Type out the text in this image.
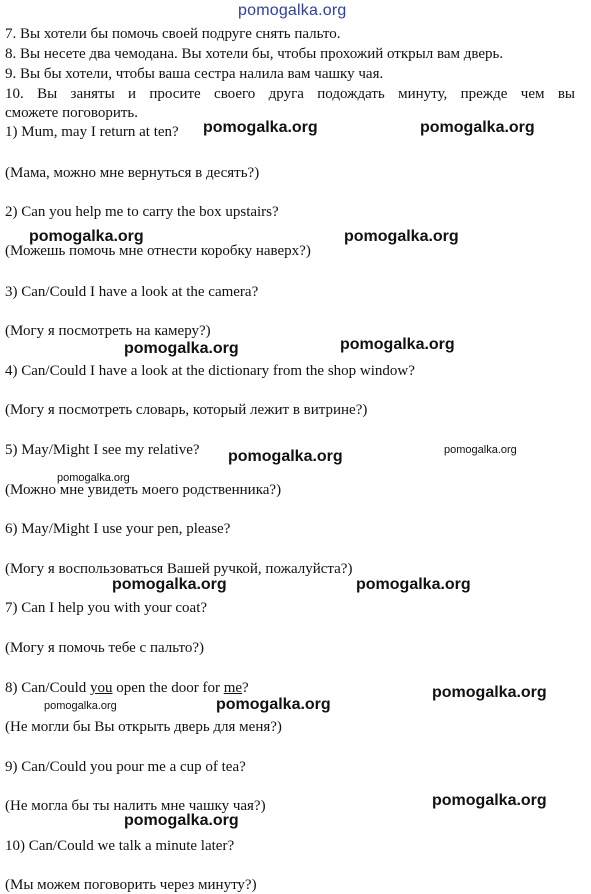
pomogalka.org
7. Вы хотели бы помочь своей подруге снять пальто.
8. Вы несете два чемодана. Вы хотели бы, чтобы прохожий открыл вам дверь.
9. Вы бы хотели, чтобы ваша сестра налила вам чашку чая.
10. Вы заняты и просите своего друга подождать минуту, прежде чем вы
сможете поговорить.
1) Mum, may I return at ten?
(Мама, можно мне вернуться в десять?)
2) Can you help me to carry the box upstairs?
(Можешь помочь мне отнести коробку наверх?)
3) Can/Could I have a look at the camera?
(Могу я посмотреть на камеру?)
4) Can/Could I have a look at the dictionary from the shop window?
(Могу я посмотреть словарь, который лежит в витрине?)
5) May/Might I see my relative?
(Можно мне увидеть моего родственника?)
6) May/Might I use your pen, please?
(Могу я воспользоваться Вашей ручкой, пожалуйста?)
7) Can I help you with your coat?
(Могу я помочь тебе с пальто?)
8) Can/Could you open the door for me?
(Не могли бы Вы открыть дверь для меня?)
9) Can/Could you pour me a cup of tea?
(Не могла бы ты налить мне чашку чая?)
10) Can/Could we talk a minute later?
(Мы можем поговорить через минуту?)
pomogalka.org	pomogalka.org
pomogalka.org	pomogalka.org
pomogalka.org
pomogalka.org
pomogalka.org	pomogalka.org
pomogalka.org
pomogalka.org	pomogalka.org
pomogalka.org
pomogalka.org
pomogalka.org
pomogalka.org
pomogalka.org
